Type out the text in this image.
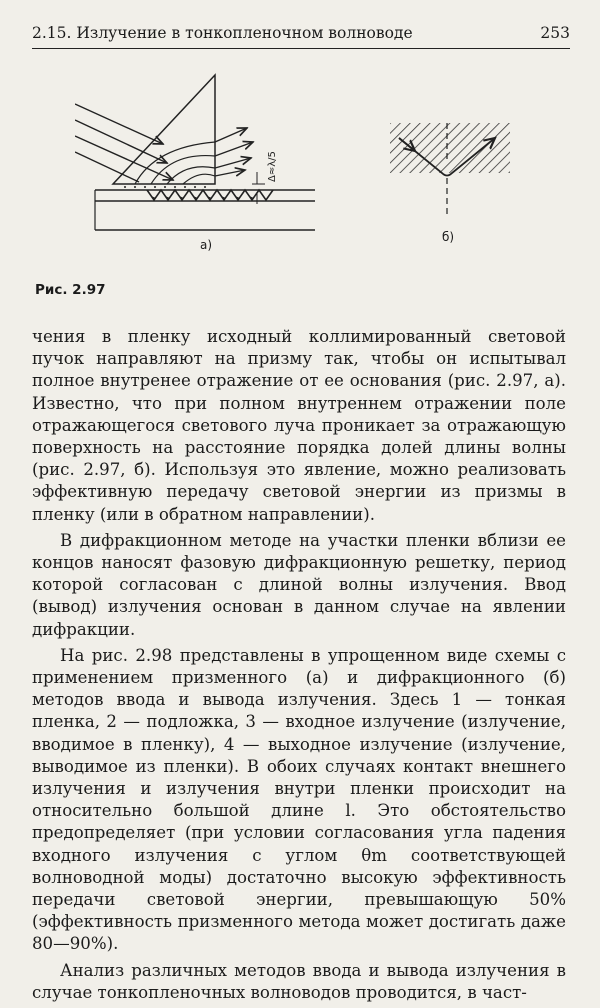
2.15. Излучение в тонкопленочном волноводе	253
Δ≈λ/5
а)
б)
Рис. 2.97

чения в пленку исходный коллимированный световой пучок направляют на призму так, чтобы он испытывал полное внутренее отражение от ее основания (рис. 2.97, а). Известно, что при полном внутреннем отражении поле отражающегося светового луча проникает за отражающую поверхность на расстояние порядка долей длины волны (рис. 2.97, б). Используя это явление, можно реализовать эффективную передачу световой энергии из призмы в пленку (или в обратном направлении).

В дифракционном методе на участки пленки вблизи ее концов наносят фазовую дифракционную решетку, период которой согласован с длиной волны излучения. Ввод (вывод) излучения основан в данном случае на явлении дифракции.

На рис. 2.98 представлены в упрощенном виде схемы с применением призменного (а) и дифракционного (б) методов ввода и вывода излучения. Здесь 1 — тонкая пленка, 2 — подложка, 3 — входное излучение (излучение, вводимое в пленку), 4 — выходное излучение (излучение, выводимое из пленки). В обоих случаях контакт внешнего излучения и излучения внутри пленки происходит на относительно большой длине l. Это обстоятельство предопределяет (при условии согласования угла падения входного излучения с углом θm соответствующей волноводной моды) достаточно высокую эффективность передачи световой энергии, превышающую 50% (эффективность призменного метода может достигать даже 80—90%).

Анализ различных методов ввода и вывода излучения в случае тонкопленочных волноводов проводится, в част-
